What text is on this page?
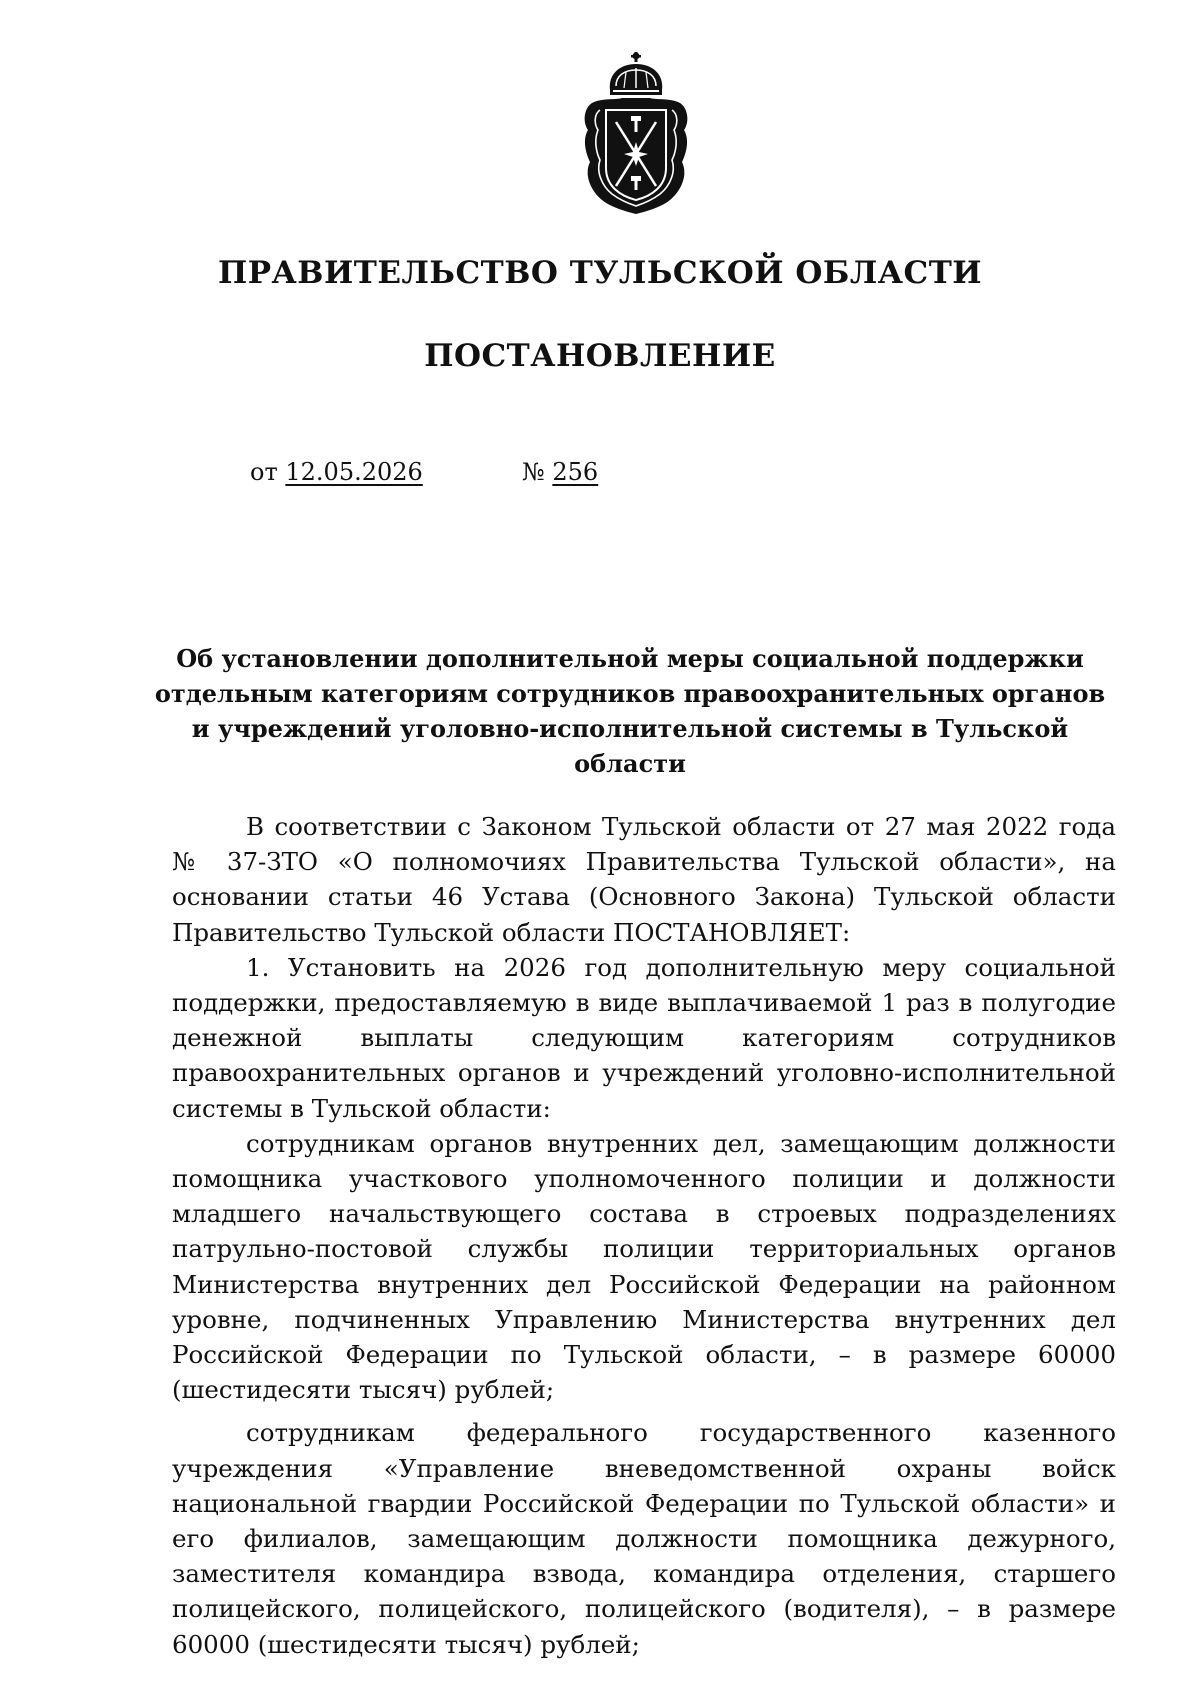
ПРАВИТЕЛЬСТВО ТУЛЬСКОЙ ОБЛАСТИ
ПОСТАНОВЛЕНИЕ
от 12.05.2026	№ 256
Об установлении дополнительной меры социальной поддержки
отдельным категориям сотрудников правоохранительных органов
и учреждений уголовно-исполнительной системы в Тульской области

В соответствии с Законом Тульской области от 27 мая 2022 года № 37-ЗТО «О полномочиях Правительства Тульской области», на основании статьи 46 Устава (Основного Закона) Тульской области Правительство Тульской области ПОСТАНОВЛЯЕТ:

1. Установить на 2026 год дополнительную меру социальной поддержки, предоставляемую в виде выплачиваемой 1 раз в полугодие денежной выплаты следующим категориям сотрудников правоохранительных органов и учреждений уголовно-исполнительной системы в Тульской области:

сотрудникам органов внутренних дел, замещающим должности помощника участкового уполномоченного полиции и должности младшего начальствующего состава в строевых подразделениях патрульно-постовой службы полиции территориальных органов Министерства внутренних дел Российской Федерации на районном уровне, подчиненных Управлению Министерства внутренних дел Российской Федерации по Тульской области, – в размере 60000 (шестидесяти тысяч) рублей;

сотрудникам федерального государственного казенного учреждения «Управление вневедомственной охраны войск национальной гвардии Российской Федерации по Тульской области» и его филиалов, замещающим должности помощника дежурного, заместителя командира взвода, командира отделения, старшего полицейского, полицейского, полицейского (водителя), – в размере 60000 (шестидесяти тысяч) рублей;
